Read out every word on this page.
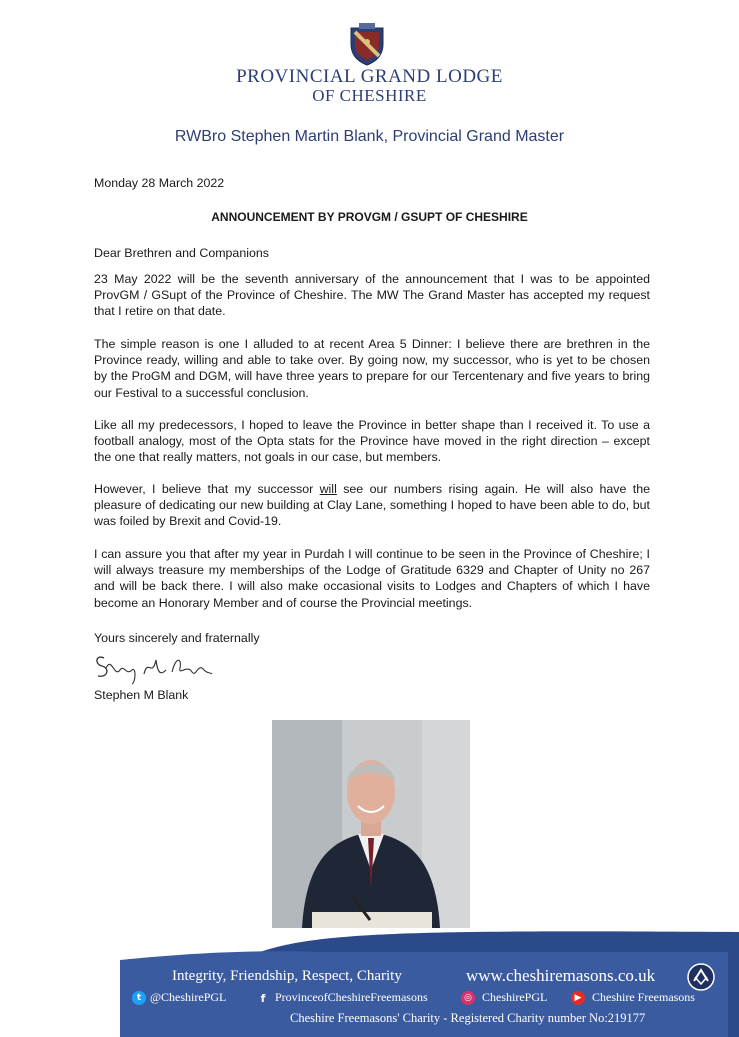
PROVINCIAL GRAND LODGE
OF CHESHIRE
RWBro Stephen Martin Blank, Provincial Grand Master
Monday 28 March 2022
ANNOUNCEMENT BY PROVGM / GSUPT OF CHESHIRE
Dear Brethren and Companions

23 May 2022 will be the seventh anniversary of the announcement that I was to be appointed ProvGM / GSupt of the Province of Cheshire. The MW The Grand Master has accepted my request that I retire on that date.

The simple reason is one I alluded to at recent Area 5 Dinner: I believe there are brethren in the Province ready, willing and able to take over. By going now, my successor, who is yet to be chosen by the ProGM and DGM, will have three years to prepare for our Tercentenary and five years to bring our Festival to a successful conclusion.

Like all my predecessors, I hoped to leave the Province in better shape than I received it. To use a football analogy, most of the Opta stats for the Province have moved in the right direction – except the one that really matters, not goals in our case, but members.

However, I believe that my successor will see our numbers rising again. He will also have the pleasure of dedicating our new building at Clay Lane, something I hoped to have been able to do, but was foiled by Brexit and Covid-19.

I can assure you that after my year in Purdah I will continue to be seen in the Province of Cheshire; I will always treasure my memberships of the Lodge of Gratitude 6329 and Chapter of Unity no 267 and will be back there. I will also make occasional visits to Lodges and Chapters of which I have become an Honorary Member and of course the Provincial meetings.

Yours sincerely and fraternally
Stephen M Blank
Integrity, Friendship, Respect, Charity	www.cheshiremasons.co.uk
t @CheshirePGL	f ProvinceofCheshireFreemasons	◎ CheshirePGL	▶ Cheshire Freemasons
Cheshire Freemasons' Charity - Registered Charity number No:219177
